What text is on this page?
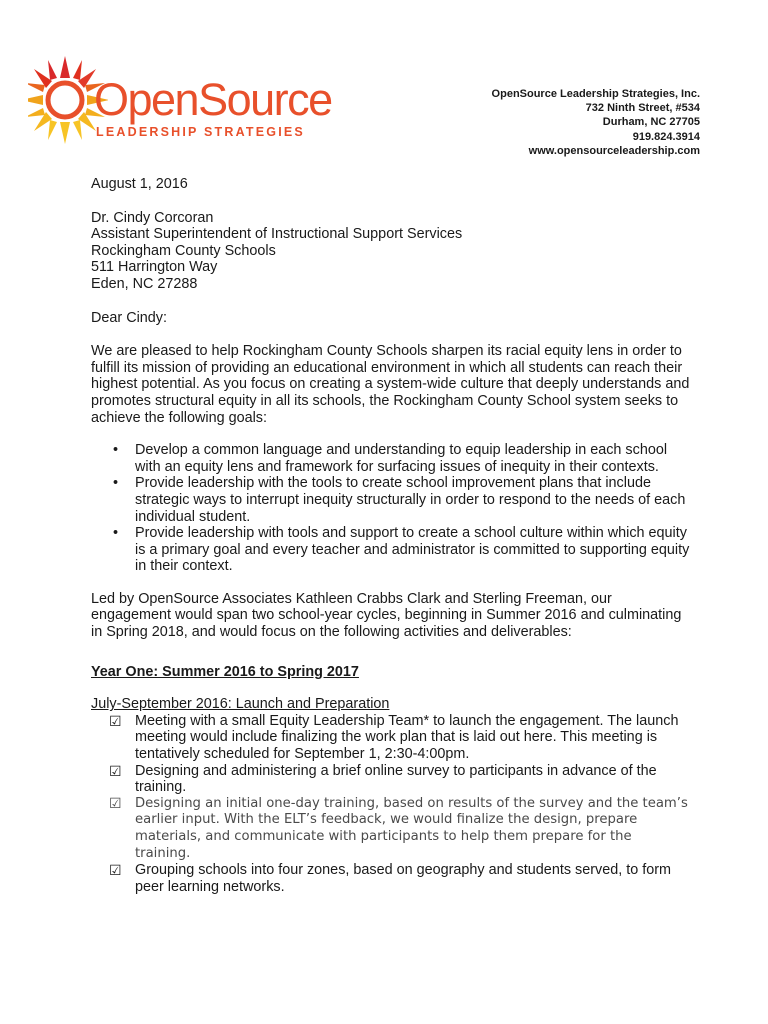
OpenSource
LEADERSHIP STRATEGIES
OpenSource Leadership Strategies, Inc.
732 Ninth Street, #534
Durham, NC 27705
919.824.3914
www.opensourceleadership.com

August 1, 2016

Dr. Cindy Corcoran

Assistant Superintendent of Instructional Support Services

Rockingham County Schools

511 Harrington Way

Eden, NC 27288

Dear Cindy:

We are pleased to help Rockingham County Schools sharpen its racial equity lens in order to fulfill its mission of providing an educational environment in which all students can reach their highest potential. As you focus on creating a system-wide culture that deeply understands and promotes structural equity in all its schools, the Rockingham County School system seeks to achieve the following goals:

• Develop a common language and understanding to equip leadership in each school with an equity lens and framework for surfacing issues of inequity in their contexts.
• Provide leadership with the tools to create school improvement plans that include strategic ways to interrupt inequity structurally in order to respond to the needs of each individual student.
• Provide leadership with tools and support to create a school culture within which equity is a primary goal and every teacher and administrator is committed to supporting equity in their context.

Led by OpenSource Associates Kathleen Crabbs Clark and Sterling Freeman, our engagement would span two school-year cycles, beginning in Summer 2016 and culminating in Spring 2018, and would focus on the following activities and deliverables:

Year One: Summer 2016 to Spring 2017

July-September 2016: Launch and Preparation

☑ Meeting with a small Equity Leadership Team* to launch the engagement. The launch meeting would include finalizing the work plan that is laid out here. This meeting is tentatively scheduled for September 1, 2:30-4:00pm.
☑ Designing and administering a brief online survey to participants in advance of the training.
☑ Designing an initial one-day training, based on results of the survey and the team’s earlier input. With the ELT’s feedback, we would finalize the design, prepare materials, and communicate with participants to help them prepare for the training.
☑ Grouping schools into four zones, based on geography and students served, to form peer learning networks.
